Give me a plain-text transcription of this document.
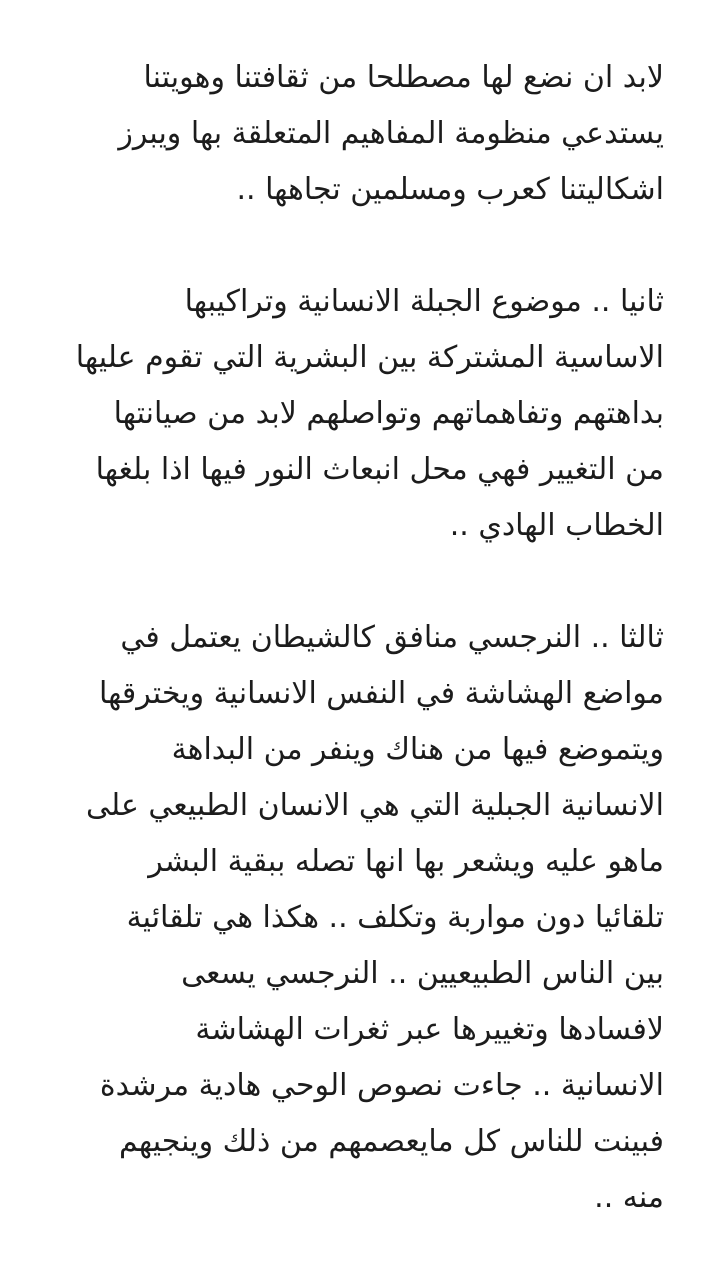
لابد ان نضع لها مصطلحا من ثقافتنا وهويتنا
يستدعي منظومة المفاهيم المتعلقة بها ويبرز
اشكاليتنا كعرب ومسلمين تجاهها ..

ثانيا .. موضوع الجبلة الانسانية وتراكيبها
الاساسية المشتركة بين البشرية التي تقوم عليها
بداهتهم وتفاهماتهم وتواصلهم لابد من صيانتها
من التغيير فهي محل انبعاث النور فيها اذا بلغها
الخطاب الهادي ..

ثالثا .. النرجسي منافق كالشيطان يعتمل في
مواضع الهشاشة في النفس الانسانية ويخترقها
ويتموضع فيها من هناك وينفر من البداهة
الانسانية الجبلية التي هي الانسان الطبيعي على
ماهو عليه ويشعر بها انها تصله ببقية البشر
تلقائيا دون مواربة وتكلف .. هكذا هي تلقائية
بين الناس الطبيعيين .. النرجسي يسعى
لافسادها وتغييرها عبر ثغرات الهشاشة
الانسانية .. جاءت نصوص الوحي هادية مرشدة
فبينت للناس كل مايعصمهم من ذلك وينجيهم
منه ..
